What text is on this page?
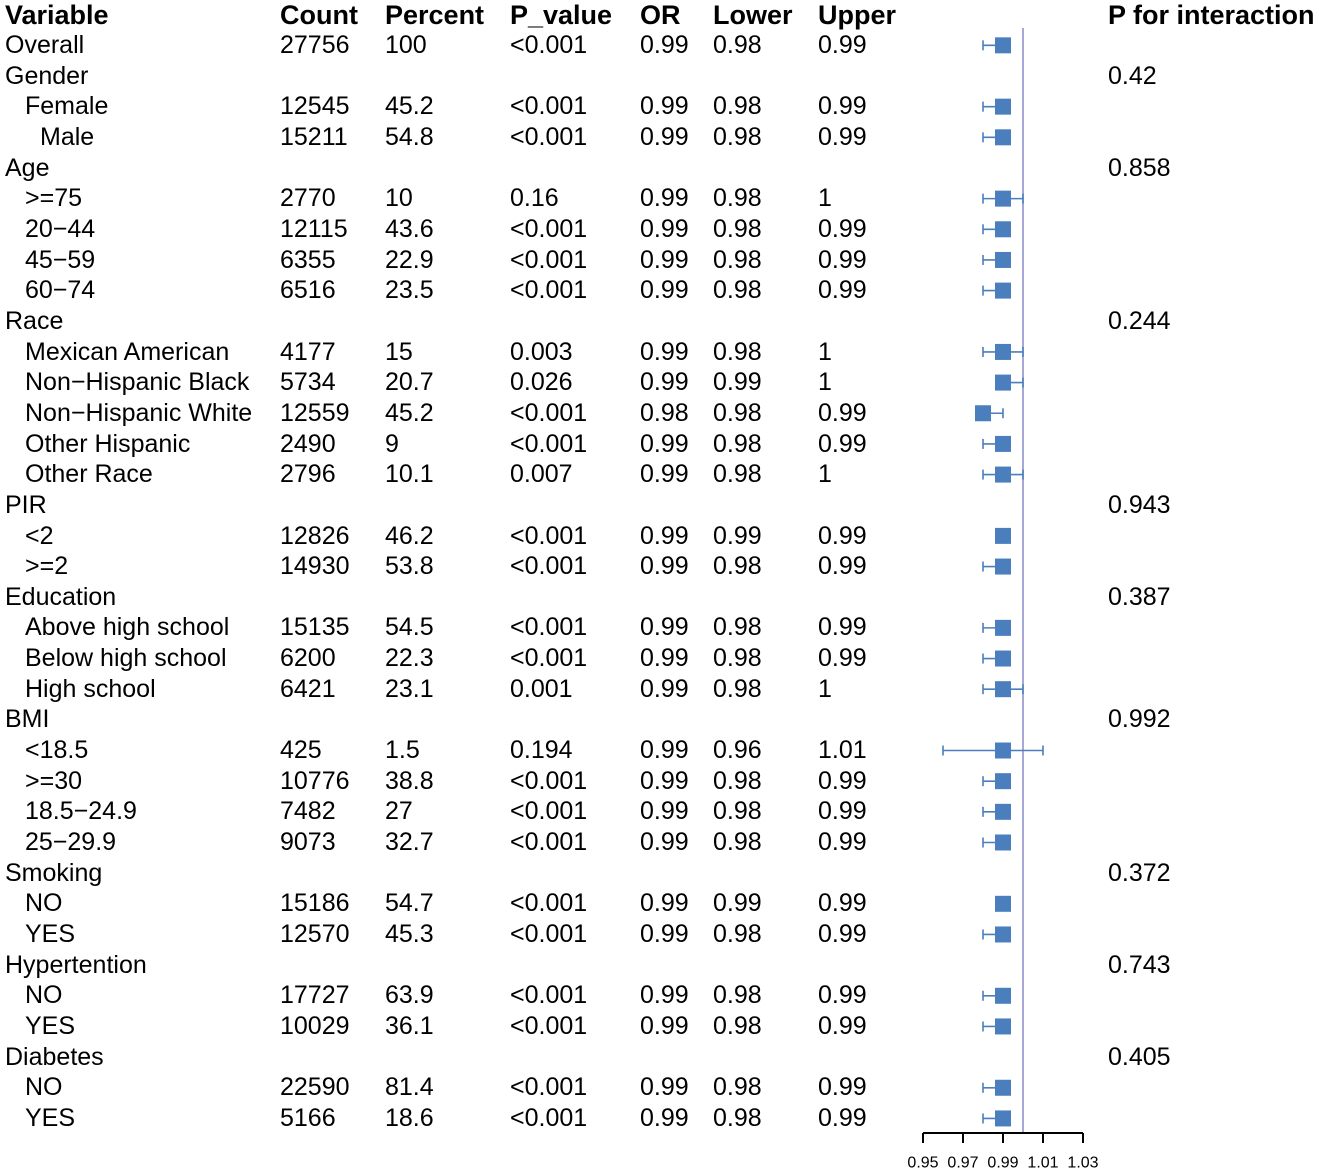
Variable	Count Percent P_value OR Lower Upper	P for interaction
Overall	27756 100	<0.001 0.99 0.98 0.99
Gender	0.42
Female	12545 45.2	<0.001 0.99 0.98 0.99
Male	15211 54.8	<0.001 0.99 0.98 0.99
Age	0.858
>=75	2770 10	0.16	0.99 0.98 1
20−44	12115 43.6	<0.001 0.99 0.98 0.99
45−59	6355 22.9	<0.001 0.99 0.98 0.99
60−74	6516 23.5	<0.001 0.99 0.98 0.99
Race	0.244
Mexican American 4177 15	0.003	0.99 0.98 1
Non−Hispanic Black 5734 20.7	0.026	0.99 0.99 1
Non−Hispanic White 12559 45.2	<0.001 0.98 0.98 0.99
Other Hispanic	2490 9	<0.001 0.99 0.98 0.99
Other Race	2796 10.1	0.007	0.99 0.98 1
PIR	0.943
<2	12826 46.2	<0.001 0.99 0.99 0.99
>=2	14930 53.8	<0.001 0.99 0.98 0.99
Education	0.387
Above high school 15135 54.5	<0.001 0.99 0.98 0.99
Below high school 6200 22.3	<0.001 0.99 0.98 0.99
High school	6421 23.1	0.001	0.99 0.98 1
BMI	0.992
<18.5	425	1.5	0.194	0.99 0.96 1.01
>=30	10776 38.8	<0.001 0.99 0.98 0.99
18.5−24.9	7482 27	<0.001 0.99 0.98 0.99
25−29.9	9073 32.7	<0.001 0.99 0.98 0.99
Smoking	0.372
NO	15186 54.7	<0.001 0.99 0.99 0.99
YES	12570 45.3	<0.001 0.99 0.98 0.99
Hypertention	0.743
NO	17727 63.9	<0.001 0.99 0.98 0.99
YES	10029 36.1	<0.001 0.99 0.98 0.99
Diabetes	0.405
NO	22590 81.4	<0.001 0.99 0.98 0.99
YES	5166 18.6	<0.001 0.99 0.98 0.99
0.95 0.97 0.99 1.01 1.03
